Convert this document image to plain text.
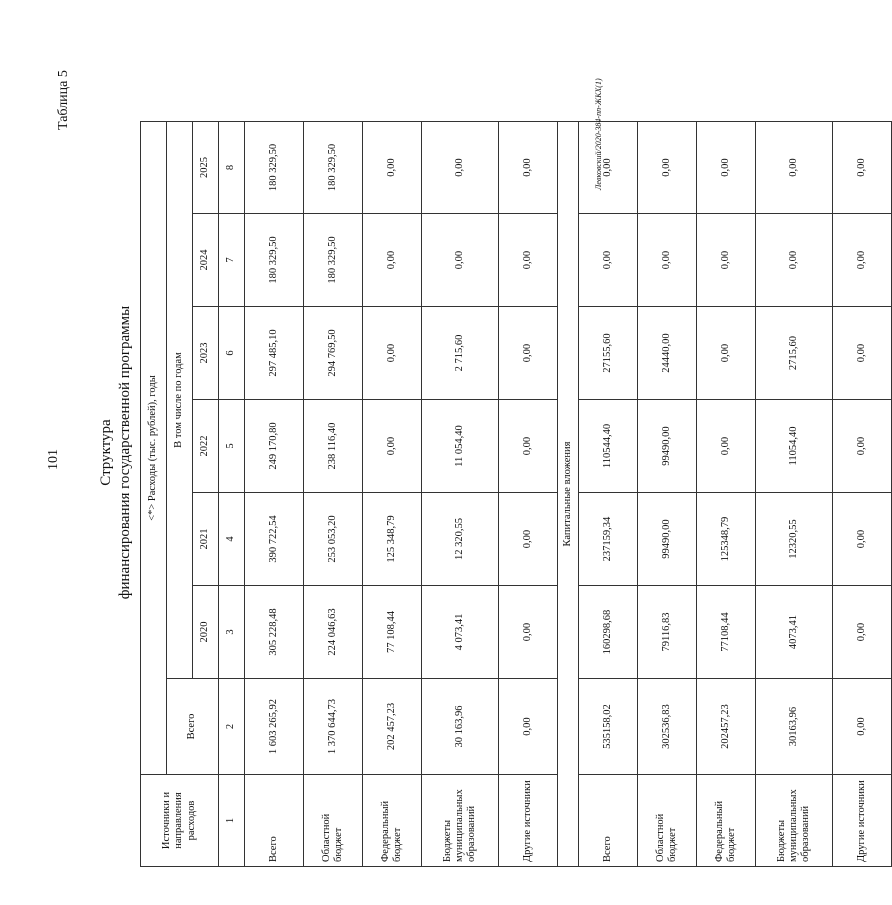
101
Таблица 5
Структура финансирования государственной программы
Источники и направления расходов	<*> Расходы (тыс. рублей), годы						
	Всего	В том числе по годам					
		2020	2021	2022	2023	2024	2025
1	2	3	4	5	6	7	8
Всего	1 603 265,92	305 228,48	390 722,54	249 170,80	297 485,10	180 329,50	180 329,50
Областной бюджет	1 370 644,73	224 046,63	253 053,20	238 116,40	294 769,50	180 329,50	180 329,50
Федеральный бюджет	202 457,23	77 108,44	125 348,79	0,00	0,00	0,00	0,00
Бюджеты муниципальных образований	30 163,96	4 073,41	12 320,55	11 054,40	2 715,60	0,00	0,00
Другие источники	0,00	0,00	0,00	0,00	0,00	0,00	0,00
Капитальные вложения							
Всего	535158,02	160298,68	237159,34	110544,40	27155,60	0,00	0,00
Областной бюджет	302536,83	79116,83	99490,00	99490,00	24440,00	0,00	0,00
Федеральный бюджет	202457,23	77108,44	125348,79	0,00	0,00	0,00	0,00
Бюджеты муниципальных образований	30163,96	4073,41	12320,55	11054,40	2715,60	0,00	0,00
Другие источники	0,00	0,00	0,00	0,00	0,00	0,00	0,00
Левковский/2020-384-пп-ЖКХ(1)
